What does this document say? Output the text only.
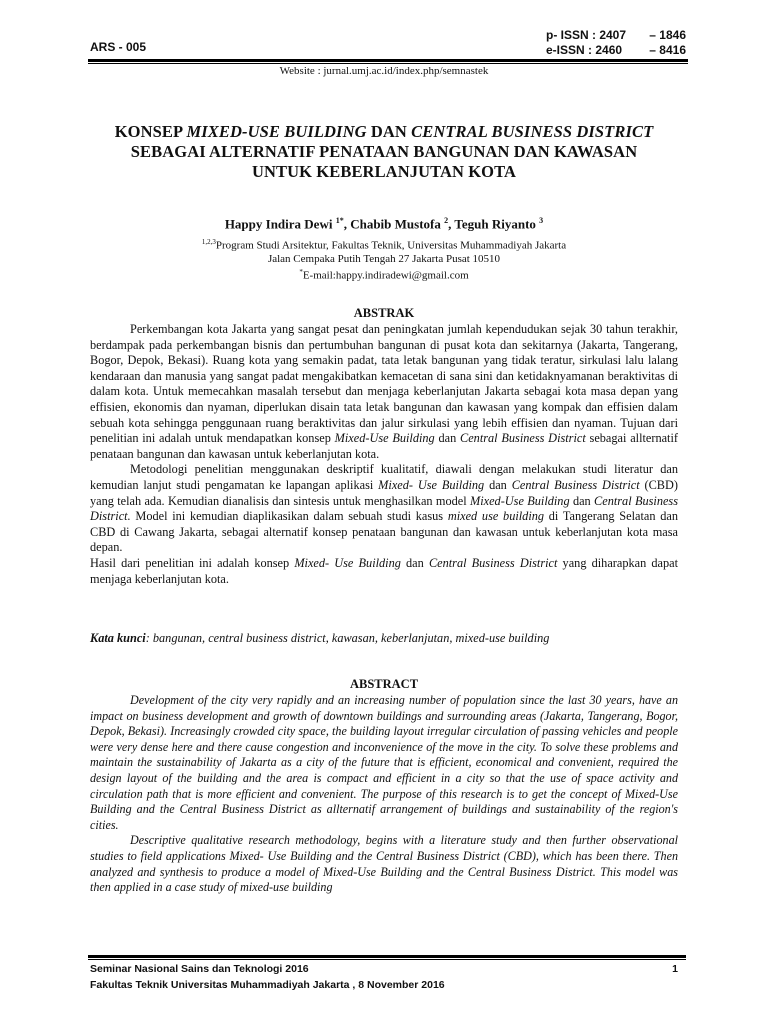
ARS - 005
p- ISSN : 2407 – 1846
e-ISSN : 2460 – 8416
Website : jurnal.umj.ac.id/index.php/semnastek
KONSEP MIXED-USE BUILDING DAN CENTRAL BUSINESS DISTRICT
SEBAGAI ALTERNATIF PENATAAN BANGUNAN DAN KAWASAN
UNTUK KEBERLANJUTAN KOTA
Happy Indira Dewi $^{1*}$, Chabib Mustofa $^2$, Teguh Riyanto $^3$
$^{1,2,3}$Program Studi Arsitektur, Fakultas Teknik, Universitas Muhammadiyah Jakarta
Jalan Cempaka Putih Tengah 27 Jakarta Pusat 10510
*E-mail:happy.indiradewi@gmail.com
ABSTRAK

Perkembangan kota Jakarta yang sangat pesat dan peningkatan jumlah kependudukan sejak 30 tahun terakhir, berdampak pada perkembangan bisnis dan pertumbuhan bangunan di pusat kota dan sekitarnya (Jakarta, Tangerang, Bogor, Depok, Bekasi). Ruang kota yang semakin padat, tata letak bangunan yang tidak teratur, sirkulasi lalu lalang kendaraan dan manusia yang sangat padat mengakibatkan kemacetan di sana sini dan ketidaknyamanan beraktivitas di dalam kota. Untuk memecahkan masalah tersebut dan menjaga keberlanjutan Jakarta sebagai kota masa depan yang effisien, ekonomis dan nyaman, diperlukan disain tata letak bangunan dan kawasan yang kompak dan effisien dalam sebuah kota sehingga penggunaan ruang beraktivitas dan jalur sirkulasi yang lebih effisien dan nyaman. Tujuan dari penelitian ini adalah untuk mendapatkan konsep Mixed-Use Building dan Central Business District sebagai allternatif penataan bangunan dan kawasan untuk keberlanjutan kota.

Metodologi penelitian menggunakan deskriptif kualitatif, diawali dengan melakukan studi literatur dan kemudian lanjut studi pengamatan ke lapangan aplikasi Mixed- Use Building dan Central Business District (CBD) yang telah ada. Kemudian dianalisis dan sintesis untuk menghasilkan model Mixed-Use Building dan Central Business District. Model ini kemudian diaplikasikan dalam sebuah studi kasus mixed use building di Tangerang Selatan dan CBD di Cawang Jakarta, sebagai alternatif konsep penataan bangunan dan kawasan untuk keberlanjutan kota masa depan.

Hasil dari penelitian ini adalah konsep Mixed- Use Building dan Central Business District yang diharapkan dapat menjaga keberlanjutan kota.

Kata kunci: bangunan, central business district, kawasan, keberlanjutan, mixed-use building
ABSTRACT

Development of the city very rapidly and an increasing number of population since the last 30 years, have an impact on business development and growth of downtown buildings and surrounding areas (Jakarta, Tangerang, Bogor, Depok, Bekasi). Increasingly crowded city space, the building layout irregular circulation of passing vehicles and people were very dense here and there cause congestion and inconvenience of the move in the city. To solve these problems and maintain the sustainability of Jakarta as a city of the future that is efficient, economical and convenient, required the design layout of the building and the area is compact and efficient in a city so that the use of space activity and circulation path that is more efficient and convenient. The purpose of this research is to get the concept of Mixed-Use Building and the Central Business District as allternatif arrangement of buildings and sustainability of the region's cities.

Descriptive qualitative research methodology, begins with a literature study and then further observational studies to field applications Mixed- Use Building and the Central Business District (CBD), which has been there. Then analyzed and synthesis to produce a model of Mixed-Use Building and the Central Business District. This model was then applied in a case study of mixed-use building

Seminar Nasional Sains dan Teknologi 2016
Fakultas Teknik Universitas Muhammadiyah Jakarta , 8 November 2016
1
